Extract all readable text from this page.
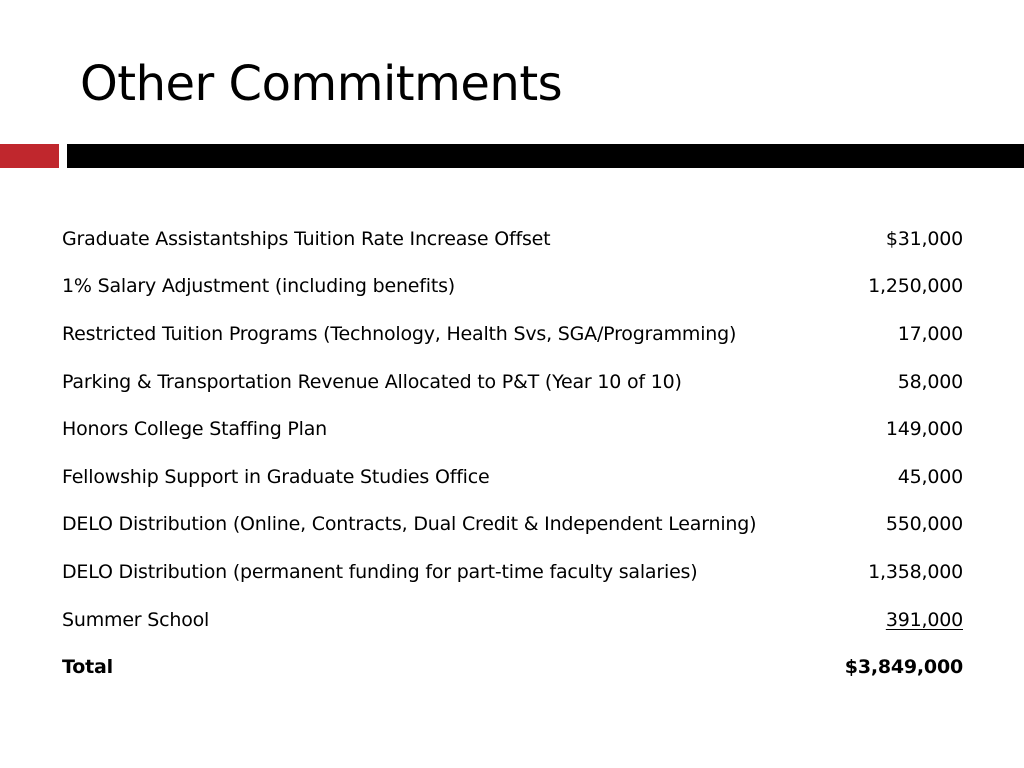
Other Commitments
Graduate Assistantships Tuition Rate Increase Offset	$31,000
1% Salary Adjustment (including benefits)	1,250,000
Restricted Tuition Programs (Technology, Health Svs, SGA/Programming)	17,000
Parking & Transportation Revenue Allocated to P&T (Year 10 of 10)	58,000
Honors College Staffing Plan	149,000
Fellowship Support in Graduate Studies Office	45,000
DELO Distribution (Online, Contracts, Dual Credit & Independent Learning)	550,000
DELO Distribution (permanent funding for part-time faculty salaries)	1,358,000
Summer School	391,000
Total	$3,849,000
